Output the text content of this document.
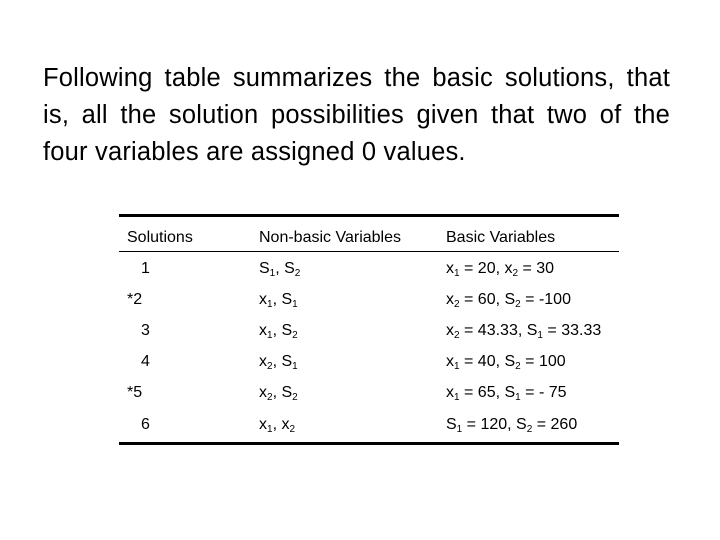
Following table summarizes the basic solutions, that is, all the solution possibilities given that two of the four variables are assigned 0 values.
Solutions	Non-basic Variables	Basic Variables
1	$S_1$, $S_2$	$x_1 = 20$, $x_2 = 30$
*2	$x_1$, $S_1$	$x_2 = 60$, $S_2 = -100$
3	$x_1$, $S_2$	$x_2 = 43.33$, $S_1 = 33.33$
4	$x_2$, $S_1$	$x_1 = 40$, $S_2 = 100$
*5	$x_2$, $S_2$	$x_1 = 65$, $S_1$ = - 75
6	$x_1$, $x_2$	$S_1 = 120$, $S_2 = 260$
